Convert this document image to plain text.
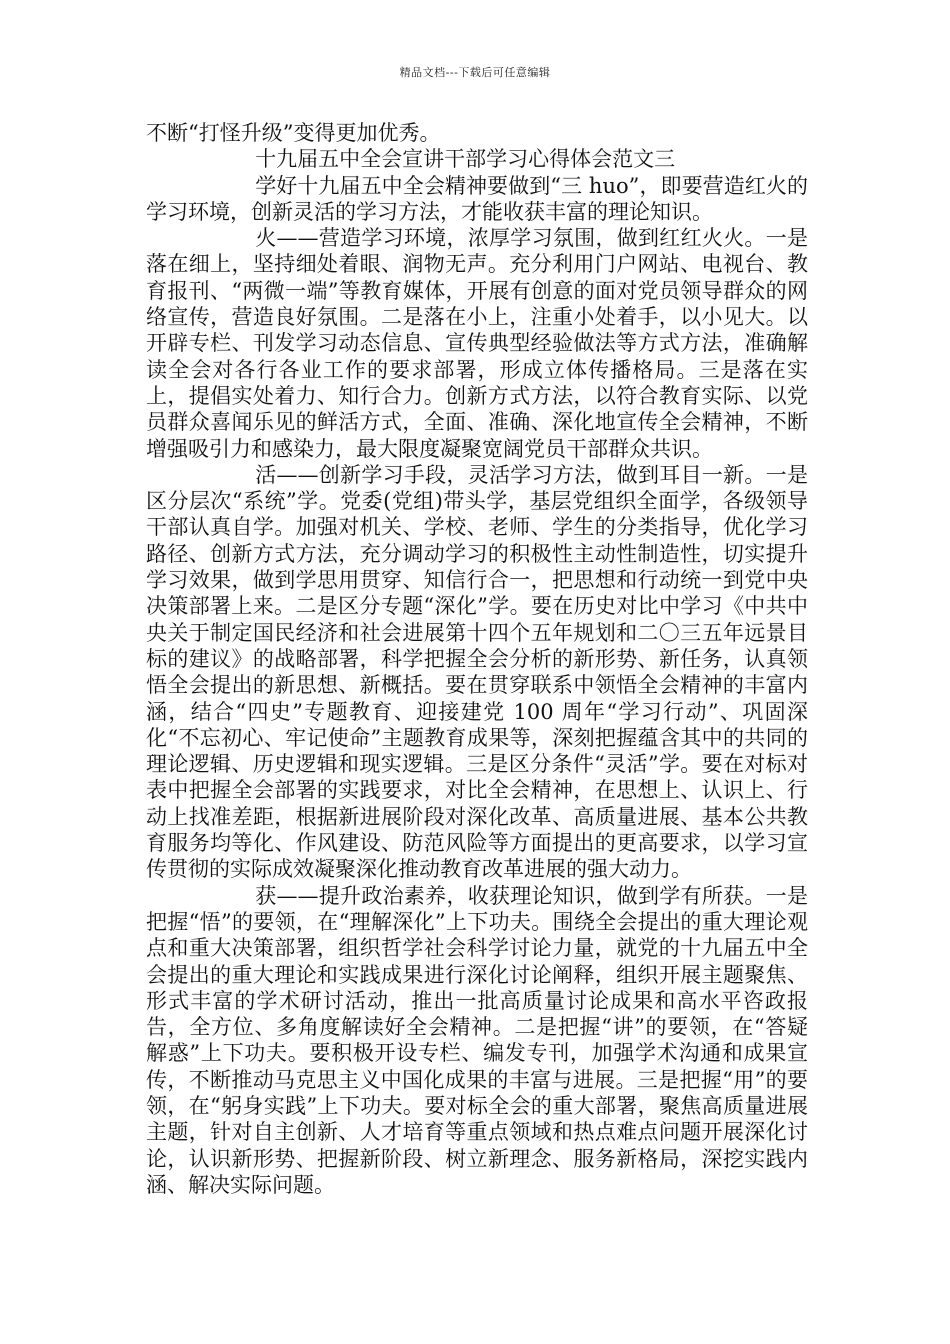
精品文档---下载后可任意编辑

不断“打怪升级”变得更加优秀。

十九届五中全会宣讲干部学习心得体会范文三

学好十九届五中全会精神要做到“三 huo”，即要营造红火的学习环境，创新灵活的学习方法，才能收获丰富的理论知识。

火——营造学习环境，浓厚学习氛围，做到红红火火。一是落在细上，坚持细处着眼、润物无声。充分利用门户网站、电视台、教育报刊、“两微一端”等教育媒体，开展有创意的面对党员领导群众的网络宣传，营造良好氛围。二是落在小上，注重小处着手，以小见大。以开辟专栏、刊发学习动态信息、宣传典型经验做法等方式方法，准确解读全会对各行各业工作的要求部署，形成立体传播格局。三是落在实上，提倡实处着力、知行合力。创新方式方法，以符合教育实际、以党员群众喜闻乐见的鲜活方式，全面、准确、深化地宣传全会精神，不断增强吸引力和感染力，最大限度凝聚宽阔党员干部群众共识。

活——创新学习手段，灵活学习方法，做到耳目一新。一是区分层次“系统”学。党委(党组)带头学，基层党组织全面学，各级领导干部认真自学。加强对机关、学校、老师、学生的分类指导，优化学习路径、创新方式方法，充分调动学习的积极性主动性制造性，切实提升学习效果，做到学思用贯穿、知信行合一，把思想和行动统一到党中央决策部署上来。二是区分专题“深化”学。要在历史对比中学习《中共中央关于制定国民经济和社会进展第十四个五年规划和二〇三五年远景目标的建议》的战略部署，科学把握全会分析的新形势、新任务，认真领悟全会提出的新思想、新概括。要在贯穿联系中领悟全会精神的丰富内涵，结合“四史”专题教育、迎接建党 100 周年“学习行动”、巩固深化“不忘初心、牢记使命”主题教育成果等，深刻把握蕴含其中的共同的理论逻辑、历史逻辑和现实逻辑。三是区分条件“灵活”学。要在对标对表中把握全会部署的实践要求，对比全会精神，在思想上、认识上、行动上找准差距，根据新进展阶段对深化改革、高质量进展、基本公共教育服务均等化、作风建设、防范风险等方面提出的更高要求，以学习宣传贯彻的实际成效凝聚深化推动教育改革进展的强大动力。

获——提升政治素养，收获理论知识，做到学有所获。一是把握“悟”的要领，在“理解深化”上下功夫。围绕全会提出的重大理论观点和重大决策部署，组织哲学社会科学讨论力量，就党的十九届五中全会提出的重大理论和实践成果进行深化讨论阐释，组织开展主题聚焦、形式丰富的学术研讨活动，推出一批高质量讨论成果和高水平咨政报告，全方位、多角度解读好全会精神。二是把握“讲”的要领，在“答疑解惑”上下功夫。要积极开设专栏、编发专刊，加强学术沟通和成果宣传，不断推动马克思主义中国化成果的丰富与进展。三是把握“用”的要领，在“躬身实践”上下功夫。要对标全会的重大部署，聚焦高质量进展主题，针对自主创新、人才培育等重点领域和热点难点问题开展深化讨论，认识新形势、把握新阶段、树立新理念、服务新格局，深挖实践内涵、解决实际问题。
